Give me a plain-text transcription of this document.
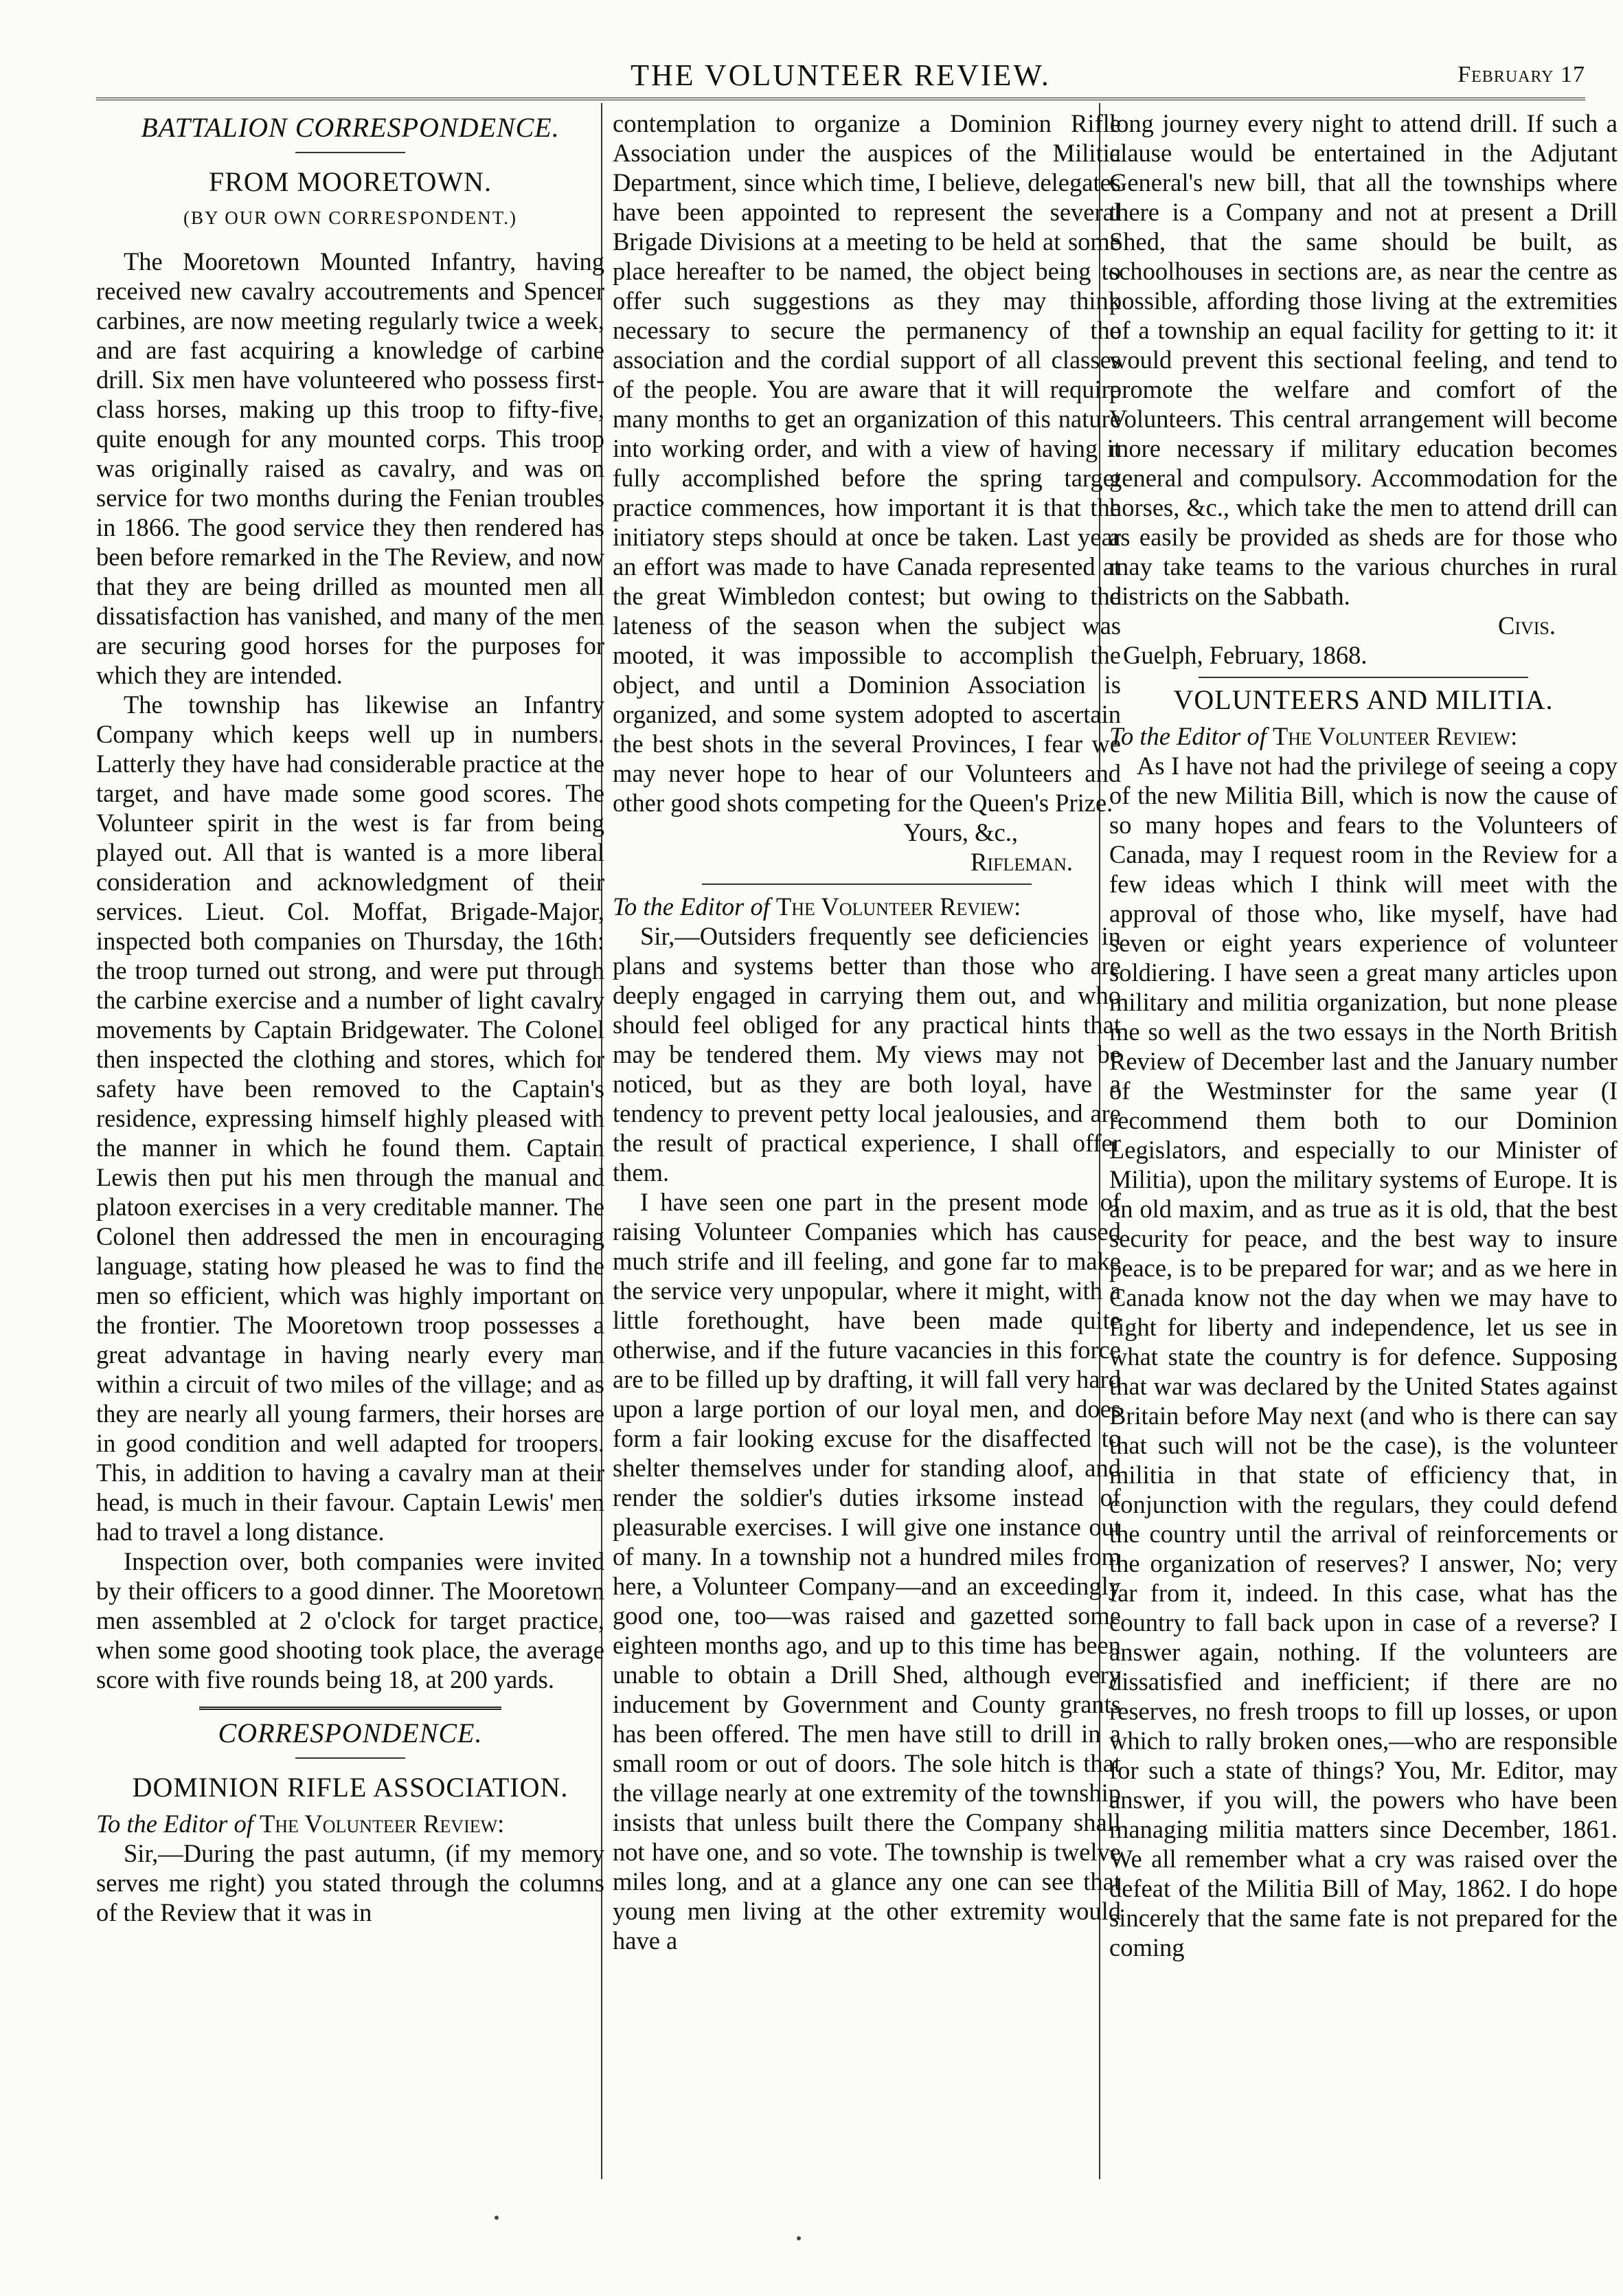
THE VOLUNTEER REVIEW.	February 17

BATTALION CORRESPONDENCE.

FROM MOORETOWN.

(BY OUR OWN CORRESPONDENT.)

The Mooretown Mounted Infantry, having received new cavalry accoutrements and Spencer carbines, are now meeting regularly twice a week, and are fast acquiring a knowledge of carbine drill. Six men have volunteered who possess first-class horses, making up this troop to fifty-five, quite enough for any mounted corps. This troop was originally raised as cavalry, and was on service for two months during the Fenian troubles in 1866. The good service they then rendered has been before remarked in the The Review, and now that they are being drilled as mounted men all dissatisfaction has vanished, and many of the men are securing good horses for the purposes for which they are intended.

The township has likewise an Infantry Company which keeps well up in numbers. Latterly they have had considerable practice at the target, and have made some good scores. The Volunteer spirit in the west is far from being played out. All that is wanted is a more liberal consideration and acknowledgment of their services. Lieut. Col. Moffat, Brigade-Major, inspected both companies on Thursday, the 16th: the troop turned out strong, and were put through the carbine exercise and a number of light cavalry movements by Captain Bridgewater. The Colonel then inspected the clothing and stores, which for safety have been removed to the Captain's residence, expressing himself highly pleased with the manner in which he found them. Captain Lewis then put his men through the manual and platoon exercises in a very creditable manner. The Colonel then addressed the men in encouraging language, stating how pleased he was to find the men so efficient, which was highly important on the frontier. The Mooretown troop possesses a great advantage in having nearly every man within a circuit of two miles of the village; and as they are nearly all young farmers, their horses are in good condition and well adapted for troopers. This, in addition to having a cavalry man at their head, is much in their favour. Captain Lewis' men had to travel a long distance.

Inspection over, both companies were invited by their officers to a good dinner. The Mooretown men assembled at 2 o'clock for target practice, when some good shooting took place, the average score with five rounds being 18, at 200 yards.

CORRESPONDENCE.

DOMINION RIFLE ASSOCIATION.

To the Editor of The Volunteer Review:

Sir,—During the past autumn, (if my memory serves me right) you stated through the columns of the Review that it was in

contemplation to organize a Dominion Rifle Association under the auspices of the Militia Department, since which time, I believe, delegates have been appointed to represent the several Brigade Divisions at a meeting to be held at some place hereafter to be named, the object being to offer such suggestions as they may think necessary to secure the permanency of the association and the cordial support of all classes of the people. You are aware that it will require many months to get an organization of this nature into working order, and with a view of having it fully accomplished before the spring target practice commences, how important it is that the initiatory steps should at once be taken. Last year an effort was made to have Canada represented at the great Wimbledon contest; but owing to the lateness of the season when the subject was mooted, it was impossible to accomplish the object, and until a Dominion Association is organized, and some system adopted to ascertain the best shots in the several Provinces, I fear we may never hope to hear of our Volunteers and other good shots competing for the Queen's Prize.

Yours, &c.,

Rifleman.

To the Editor of The Volunteer Review:

Sir,—Outsiders frequently see deficiencies in plans and systems better than those who are deeply engaged in carrying them out, and who should feel obliged for any practical hints that may be tendered them. My views may not be noticed, but as they are both loyal, have a tendency to prevent petty local jealousies, and are the result of practical experience, I shall offer them.

I have seen one part in the present mode of raising Volunteer Companies which has caused much strife and ill feeling, and gone far to make the service very unpopular, where it might, with a little forethought, have been made quite otherwise, and if the future vacancies in this force are to be filled up by drafting, it will fall very hard upon a large portion of our loyal men, and does form a fair looking excuse for the disaffected to shelter themselves under for standing aloof, and render the soldier's duties irksome instead of pleasurable exercises. I will give one instance out of many. In a township not a hundred miles from here, a Volunteer Company—and an exceedingly good one, too—was raised and gazetted some eighteen months ago, and up to this time has been unable to obtain a Drill Shed, although every inducement by Government and County grants has been offered. The men have still to drill in a small room or out of doors. The sole hitch is that the village nearly at one extremity of the township insists that unless built there the Company shall not have one, and so vote. The township is twelve miles long, and at a glance any one can see that young men living at the other extremity would have a

long journey every night to attend drill. If such a clause would be entertained in the Adjutant General's new bill, that all the townships where there is a Company and not at present a Drill Shed, that the same should be built, as schoolhouses in sections are, as near the centre as possible, affording those living at the extremities of a township an equal facility for getting to it: it would prevent this sectional feeling, and tend to promote the welfare and comfort of the Volunteers. This central arrangement will become more necessary if military education becomes general and compulsory. Accommodation for the horses, &c., which take the men to attend drill can as easily be provided as sheds are for those who may take teams to the various churches in rural districts on the Sabbath.

Civis.

Guelph, February, 1868.

VOLUNTEERS AND MILITIA.

To the Editor of The Volunteer Review:

As I have not had the privilege of seeing a copy of the new Militia Bill, which is now the cause of so many hopes and fears to the Volunteers of Canada, may I request room in the Review for a few ideas which I think will meet with the approval of those who, like myself, have had seven or eight years experience of volunteer soldiering. I have seen a great many articles upon military and militia organization, but none please me so well as the two essays in the North British Review of December last and the January number of the Westminster for the same year (I recommend them both to our Dominion Legislators, and especially to our Minister of Militia), upon the military systems of Europe. It is an old maxim, and as true as it is old, that the best security for peace, and the best way to insure peace, is to be prepared for war; and as we here in Canada know not the day when we may have to fight for liberty and independence, let us see in what state the country is for defence. Supposing that war was declared by the United States against Britain before May next (and who is there can say that such will not be the case), is the volunteer militia in that state of efficiency that, in conjunction with the regulars, they could defend the country until the arrival of reinforcements or the organization of reserves? I answer, No; very far from it, indeed. In this case, what has the country to fall back upon in case of a reverse? I answer again, nothing. If the volunteers are dissatisfied and inefficient; if there are no reserves, no fresh troops to fill up losses, or upon which to rally broken ones,—who are responsible for such a state of things? You, Mr. Editor, may answer, if you will, the powers who have been managing militia matters since December, 1861. We all remember what a cry was raised over the defeat of the Militia Bill of May, 1862. I do hope sincerely that the same fate is not prepared for the coming
